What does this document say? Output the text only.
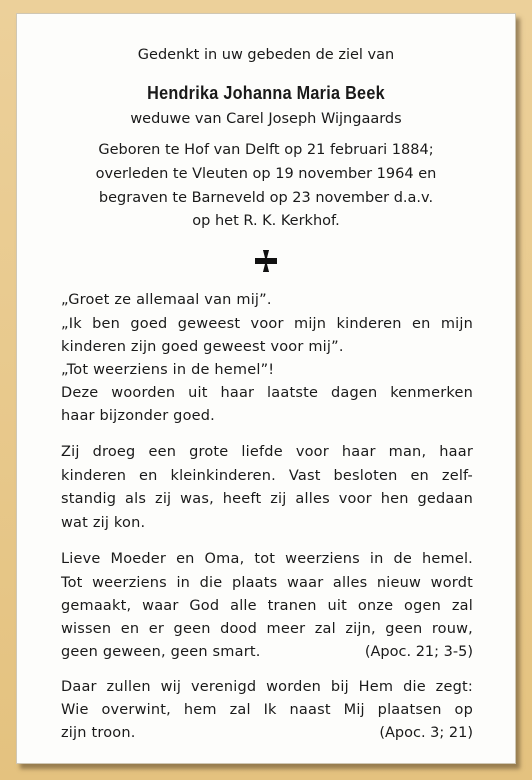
Gedenkt in uw gebeden de ziel van
Hendrika Johanna Maria Beek
weduwe van Carel Joseph Wijngaards
Geboren te Hof van Delft op 21 februari 1884;
overleden te Vleuten op 19 november 1964 en
begraven te Barneveld op 23 november d.a.v.
op het R. K. Kerkhof.
„Groet ze allemaal van mij”.
„Ik ben goed geweest voor mijn kinderen en mijn
kinderen zijn goed geweest voor mij”.
„Tot weerziens in de hemel”!
Deze woorden uit haar laatste dagen kenmerken
haar bijzonder goed.
Zij droeg een grote liefde voor haar man, haar
kinderen en kleinkinderen. Vast besloten en zelf-
standig als zij was, heeft zij alles voor hen gedaan
wat zij kon.
Lieve Moeder en Oma, tot weerziens in de hemel.
Tot weerziens in die plaats waar alles nieuw wordt
gemaakt, waar God alle tranen uit onze ogen zal
wissen en er geen dood meer zal zijn, geen rouw,
geen geween, geen smart.	(Apoc. 21; 3-5)
Daar zullen wij verenigd worden bij Hem die zegt:
Wie overwint, hem zal Ik naast Mij plaatsen op
zijn troon.	(Apoc. 3; 21)
